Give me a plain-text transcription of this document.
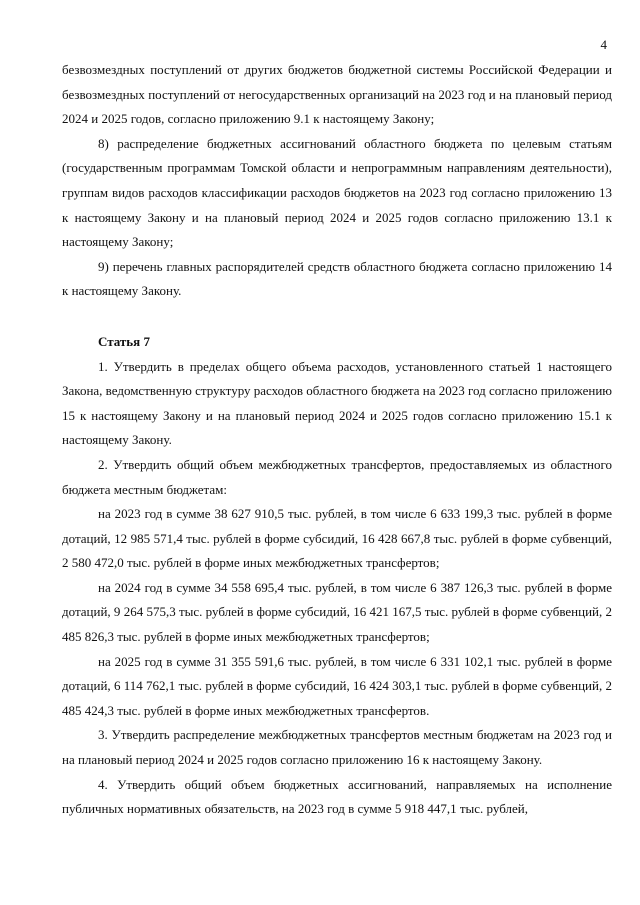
4

безвозмездных поступлений от других бюджетов бюджетной системы Российской Федерации и безвозмездных поступлений от негосударственных организаций на 2023 год и на плановый период 2024 и 2025 годов, согласно приложению 9.1 к настоящему Закону;

8) распределение бюджетных ассигнований областного бюджета по целевым статьям (государственным программам Томской области и непрограммным направлениям деятельности), группам видов расходов классификации расходов бюджетов на 2023 год согласно приложению 13 к настоящему Закону и на плановый период 2024 и 2025 годов согласно приложению 13.1 к настоящему Закону;

9) перечень главных распорядителей средств областного бюджета согласно приложению 14 к настоящему Закону.

Статья 7

1. Утвердить в пределах общего объема расходов, установленного статьей 1 настоящего Закона, ведомственную структуру расходов областного бюджета на 2023 год согласно приложению 15 к настоящему Закону и на плановый период 2024 и 2025 годов согласно приложению 15.1 к настоящему Закону.

2. Утвердить общий объем межбюджетных трансфертов, предоставляемых из областного бюджета местным бюджетам:

на 2023 год в сумме 38 627 910,5 тыс. рублей, в том числе 6 633 199,3 тыс. рублей в форме дотаций, 12 985 571,4 тыс. рублей в форме субсидий, 16 428 667,8 тыс. рублей в форме субвенций, 2 580 472,0 тыс. рублей в форме иных межбюджетных трансфертов;

на 2024 год в сумме 34 558 695,4 тыс. рублей, в том числе 6 387 126,3 тыс. рублей в форме дотаций, 9 264 575,3 тыс. рублей в форме субсидий, 16 421 167,5 тыс. рублей в форме субвенций, 2 485 826,3 тыс. рублей в форме иных межбюджетных трансфертов;

на 2025 год в сумме 31 355 591,6 тыс. рублей, в том числе 6 331 102,1 тыс. рублей в форме дотаций, 6 114 762,1 тыс. рублей в форме субсидий, 16 424 303,1 тыс. рублей в форме субвенций, 2 485 424,3 тыс. рублей в форме иных межбюджетных трансфертов.

3. Утвердить распределение межбюджетных трансфертов местным бюджетам на 2023 год и на плановый период 2024 и 2025 годов согласно приложению 16 к настоящему Закону.

4. Утвердить общий объем бюджетных ассигнований, направляемых на исполнение публичных нормативных обязательств, на 2023 год в сумме 5 918 447,1 тыс. рублей,
